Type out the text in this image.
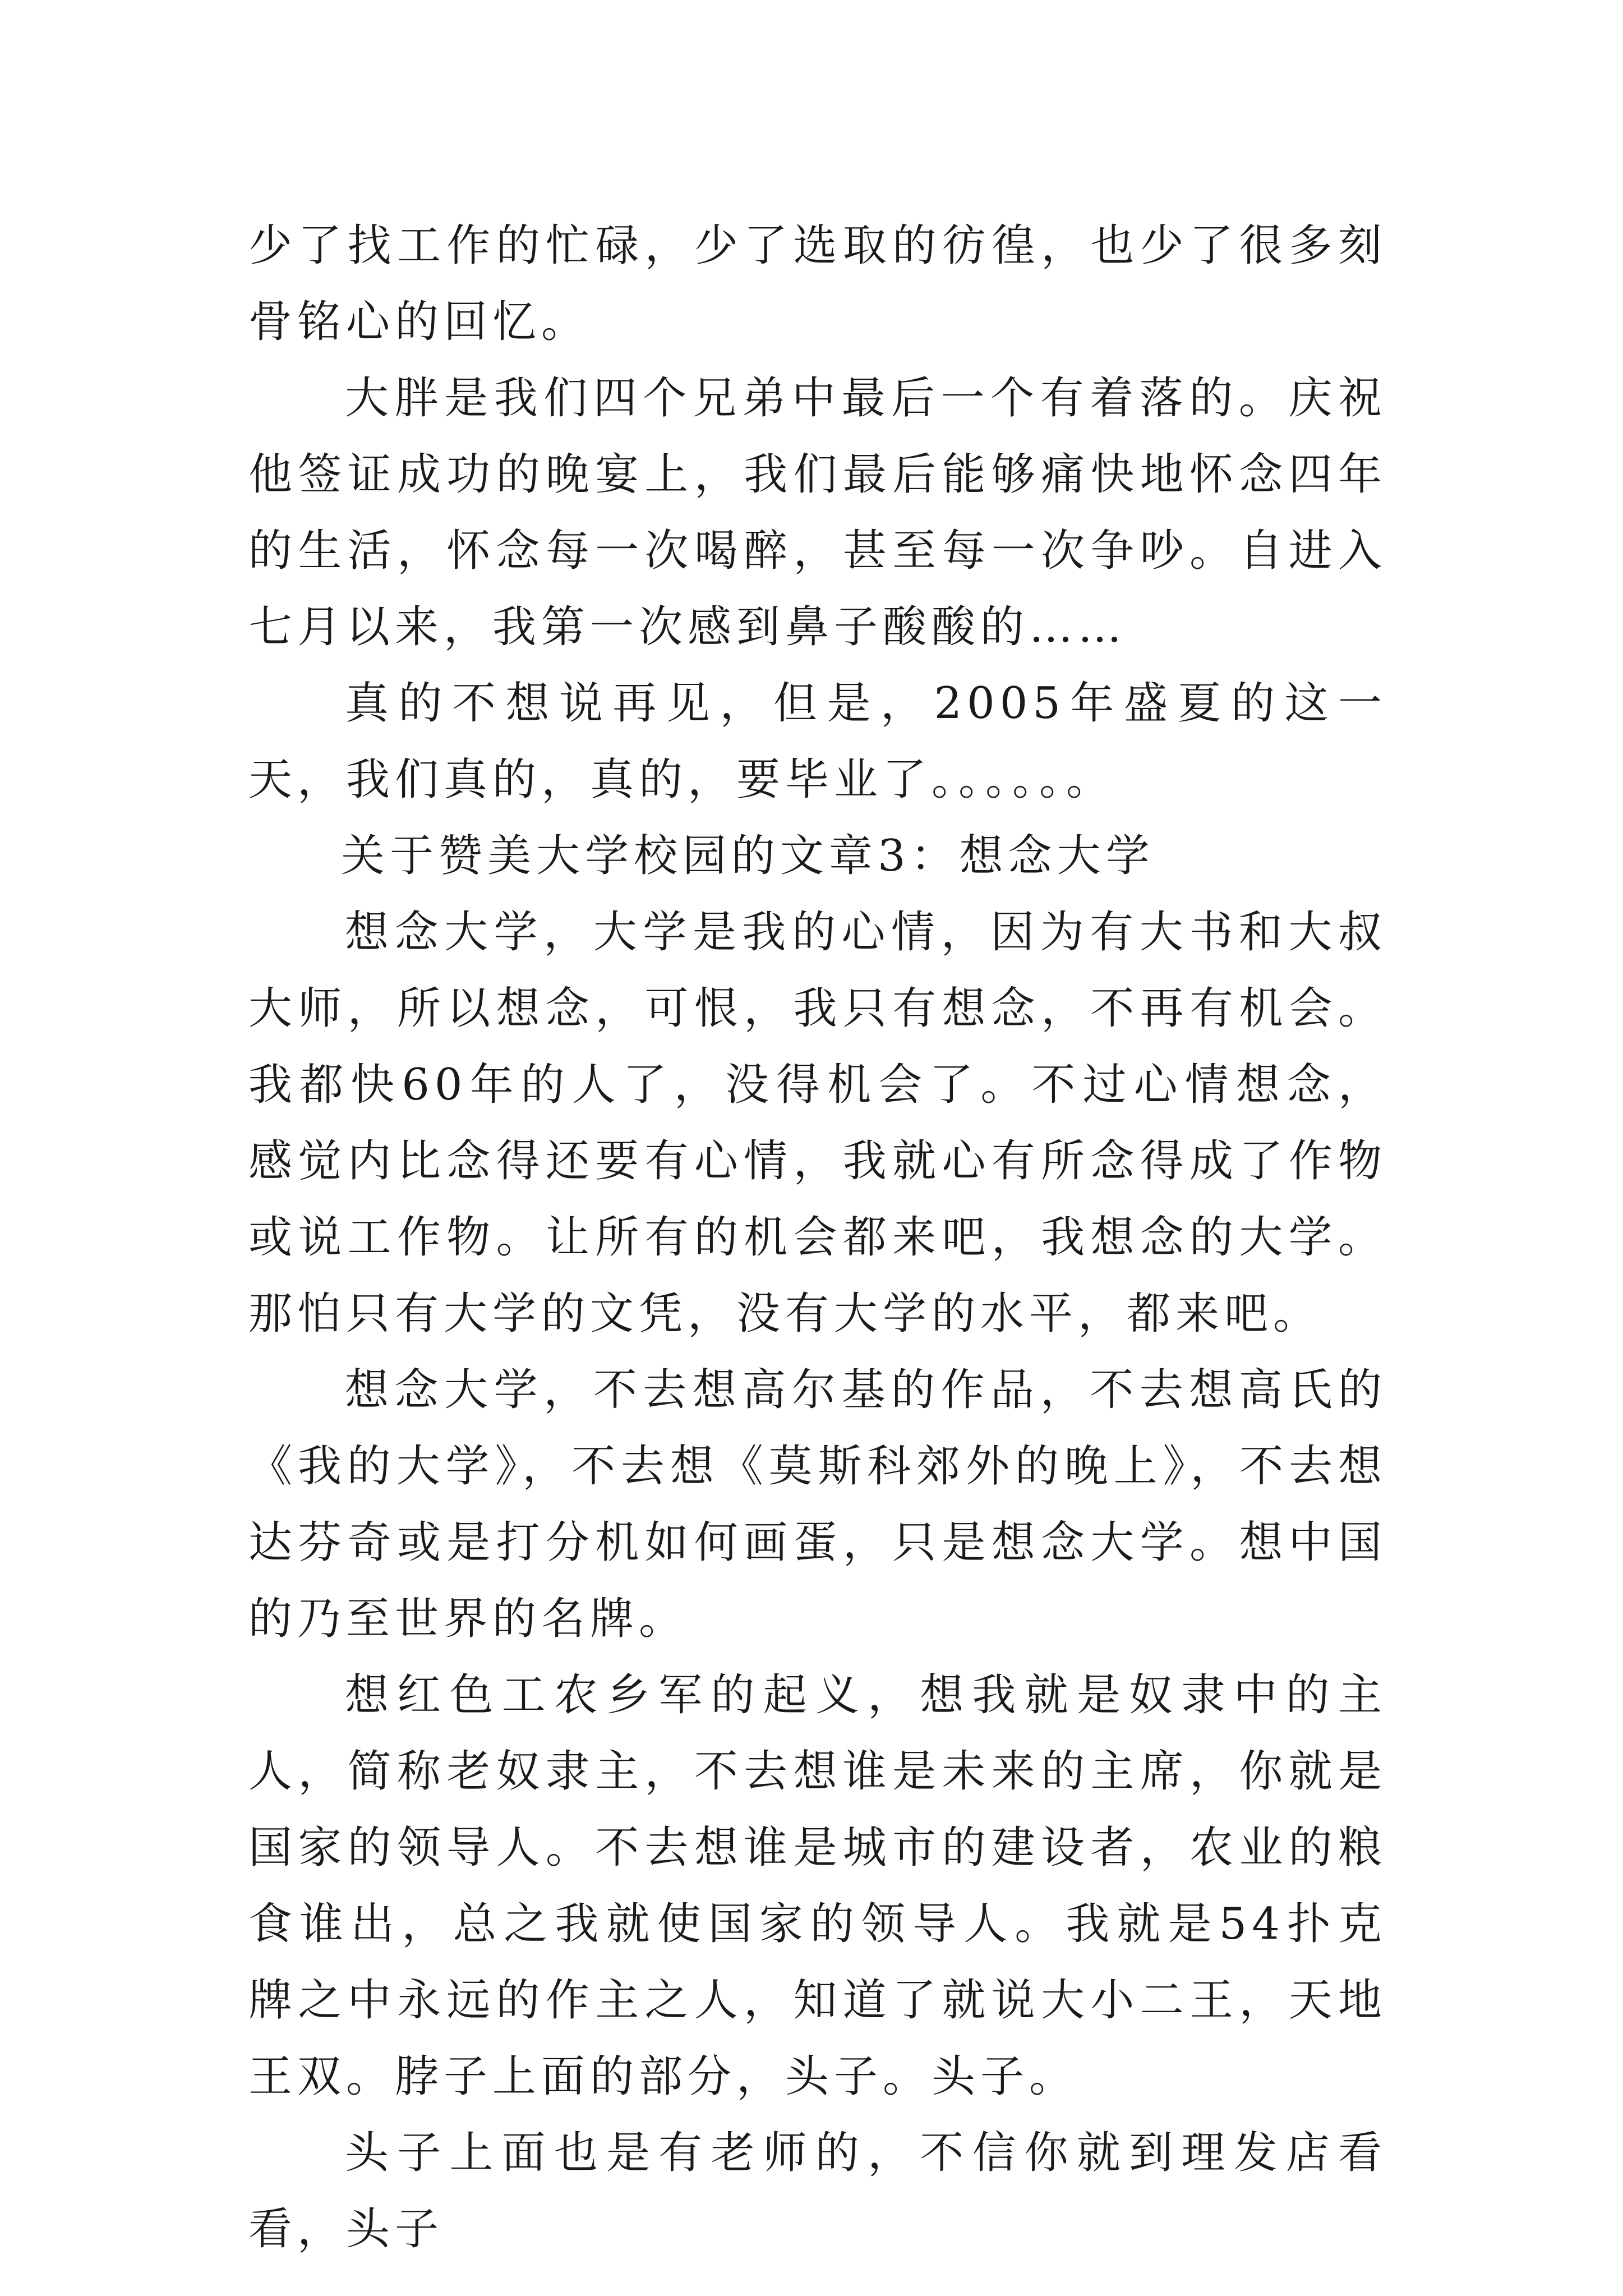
少了找工作的忙碌，少了选取的彷徨，也少了很多刻骨铭心的回忆。

大胖是我们四个兄弟中最后一个有着落的。庆祝他签证成功的晚宴上，我们最后能够痛快地怀念四年的生活，怀念每一次喝醉，甚至每一次争吵。自进入七月以来，我第一次感到鼻子酸酸的……

真的不想说再见，但是，2005年盛夏的这一天，我们真的，真的，要毕业了。。。。。。

关于赞美大学校园的文章3：想念大学

想念大学，大学是我的心情，因为有大书和大叔大师，所以想念，可恨，我只有想念，不再有机会。我都快60年的人了，没得机会了。不过心情想念，感觉内比念得还要有心情，我就心有所念得成了作物或说工作物。让所有的机会都来吧，我想念的大学。那怕只有大学的文凭，没有大学的水平，都来吧。

想念大学，不去想高尔基的作品，不去想高氏的《我的大学》，不去想《莫斯科郊外的晚上》，不去想达芬奇或是打分机如何画蛋，只是想念大学。想中国的乃至世界的名牌。

想红色工农乡军的起义，想我就是奴隶中的主人，简称老奴隶主，不去想谁是未来的主席，你就是国家的领导人。不去想谁是城市的建设者，农业的粮食谁出，总之我就使国家的领导人。我就是54扑克牌之中永远的作主之人，知道了就说大小二王，天地王双。脖子上面的部分，头子。头子。

头子上面也是有老师的，不信你就到理发店看看，头子
